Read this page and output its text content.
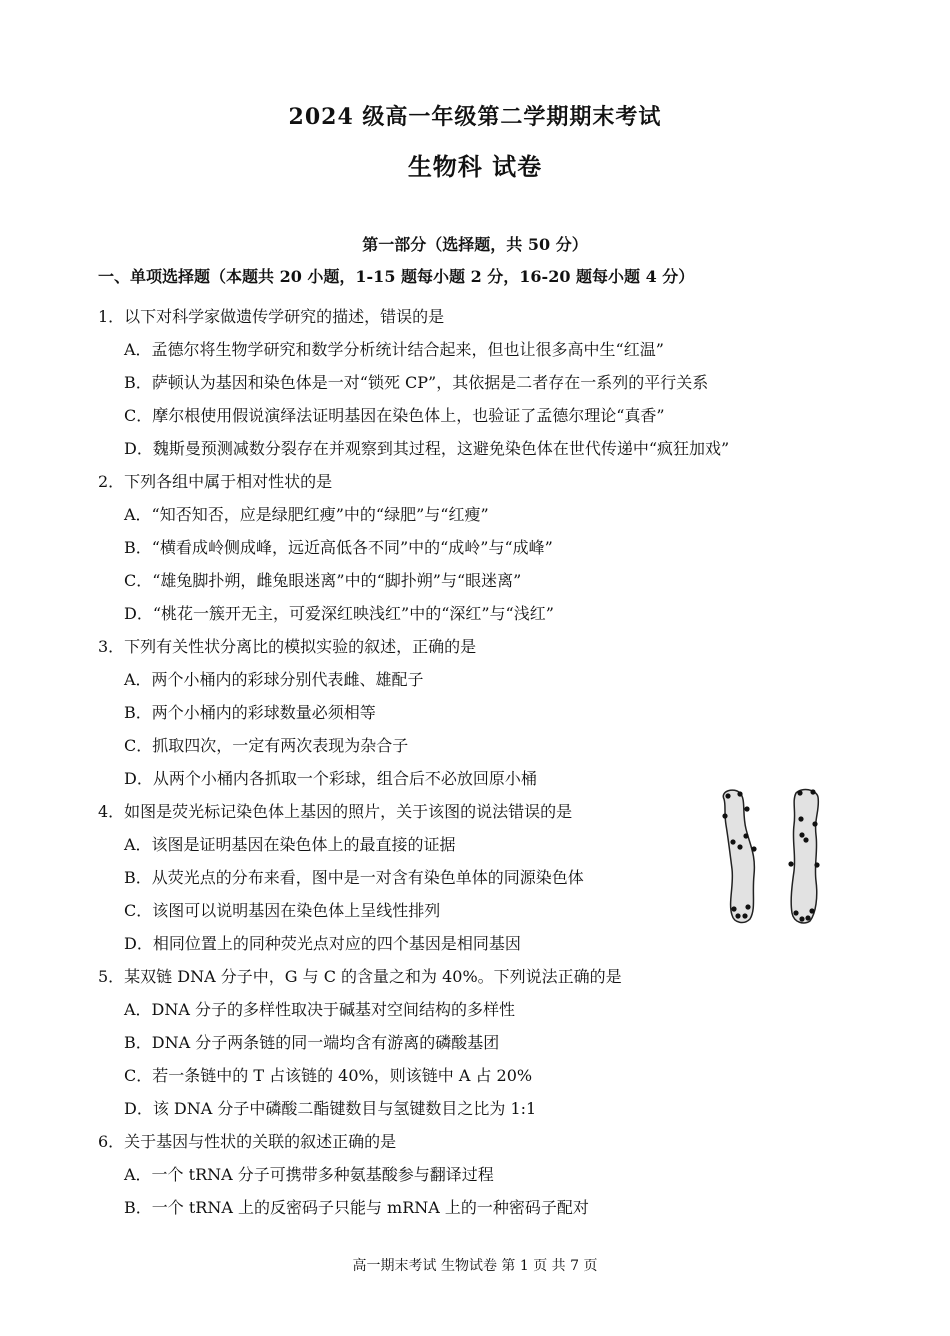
2024 级高一年级第二学期期末考试
生物科 试卷
第一部分（选择题，共 50 分）
一、单项选择题（本题共 20 小题，1-15 题每小题 2 分，16-20 题每小题 4 分）
1．以下对科学家做遗传学研究的描述，错误的是
A．孟德尔将生物学研究和数学分析统计结合起来，但也让很多高中生“红温”
B．萨顿认为基因和染色体是一对“锁死 CP”，其依据是二者存在一系列的平行关系
C．摩尔根使用假说演绎法证明基因在染色体上，也验证了孟德尔理论“真香”
D．魏斯曼预测减数分裂存在并观察到其过程，这避免染色体在世代传递中“疯狂加戏”
2．下列各组中属于相对性状的是
A．“知否知否，应是绿肥红瘦”中的“绿肥”与“红瘦”
B．“横看成岭侧成峰，远近高低各不同”中的“成岭”与“成峰”
C．“雄兔脚扑朔，雌兔眼迷离”中的“脚扑朔”与“眼迷离”
D．“桃花一簇开无主，可爱深红映浅红”中的“深红”与“浅红”
3．下列有关性状分离比的模拟实验的叙述，正确的是
A．两个小桶内的彩球分别代表雌、雄配子
B．两个小桶内的彩球数量必须相等
C．抓取四次，一定有两次表现为杂合子
D．从两个小桶内各抓取一个彩球，组合后不必放回原小桶
4．如图是荧光标记染色体上基因的照片，关于该图的说法错误的是
A．该图是证明基因在染色体上的最直接的证据
B．从荧光点的分布来看，图中是一对含有染色单体的同源染色体
C．该图可以说明基因在染色体上呈线性排列
D．相同位置上的同种荧光点对应的四个基因是相同基因
5．某双链 DNA 分子中，G 与 C 的含量之和为 40%。下列说法正确的是
A．DNA 分子的多样性取决于碱基对空间结构的多样性
B．DNA 分子两条链的同一端均含有游离的磷酸基团
C．若一条链中的 T 占该链的 40%，则该链中 A 占 20%
D．该 DNA 分子中磷酸二酯键数目与氢键数目之比为 1:1
6．关于基因与性状的关联的叙述正确的是
A．一个 tRNA 分子可携带多种氨基酸参与翻译过程
B．一个 tRNA 上的反密码子只能与 mRNA 上的一种密码子配对
高一期末考试 生物试卷 第 1 页 共 7 页
